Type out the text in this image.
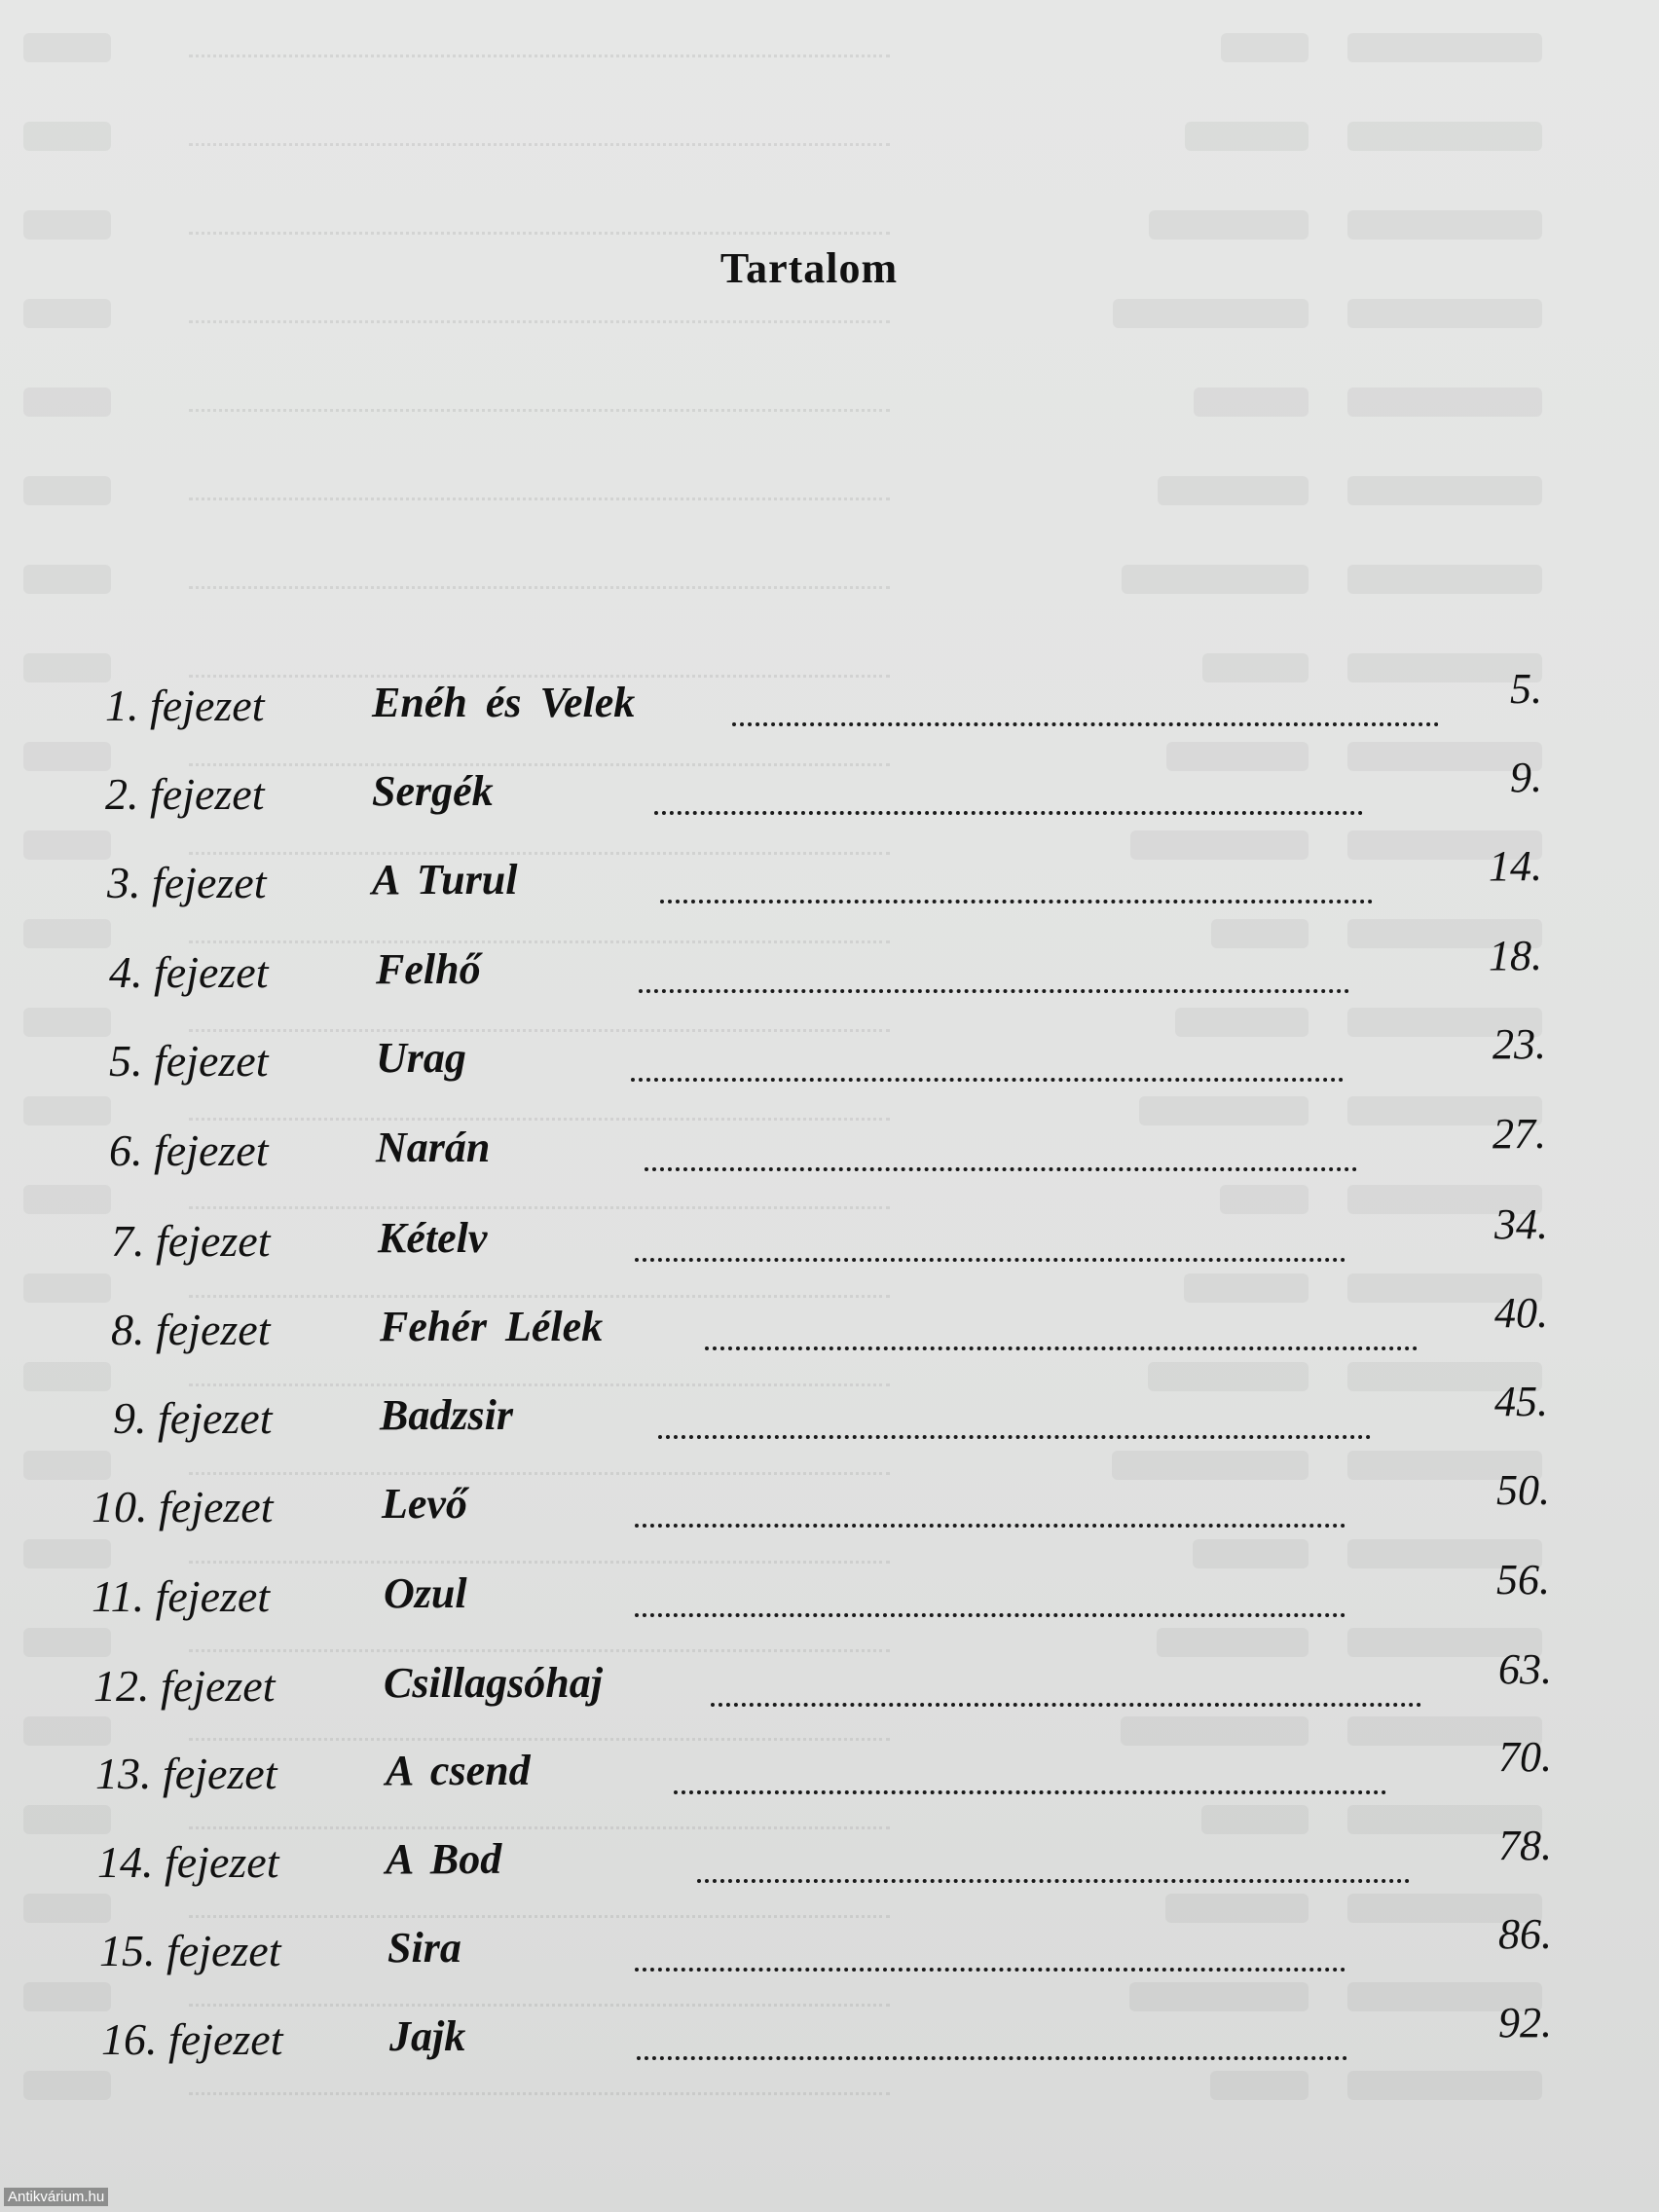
Tartalom
1. fejezet	Enéh és Velek	5.
2. fejezet	Sergék	9.
3. fejezet A Turul	14.
4. fejezet	Felhő	18.
5. fejezet	Urag	23.
6. fejezet	Narán	27.
7. fejezet	Kételv	34.
8. fejezet	Fehér Lélek	40.
9. fejezet	Badzsir	45.
10. fejezet	Levő	50.
11. fejezet	Ozul	56.
12. fejezet	Csillagsóhaj	63.
13. fejezet	A csend	70.
14. fejezet A Bod	78.
15. fejezet Sira	86.
16. fejezet Jajk	92.
Antikvárium.hu
